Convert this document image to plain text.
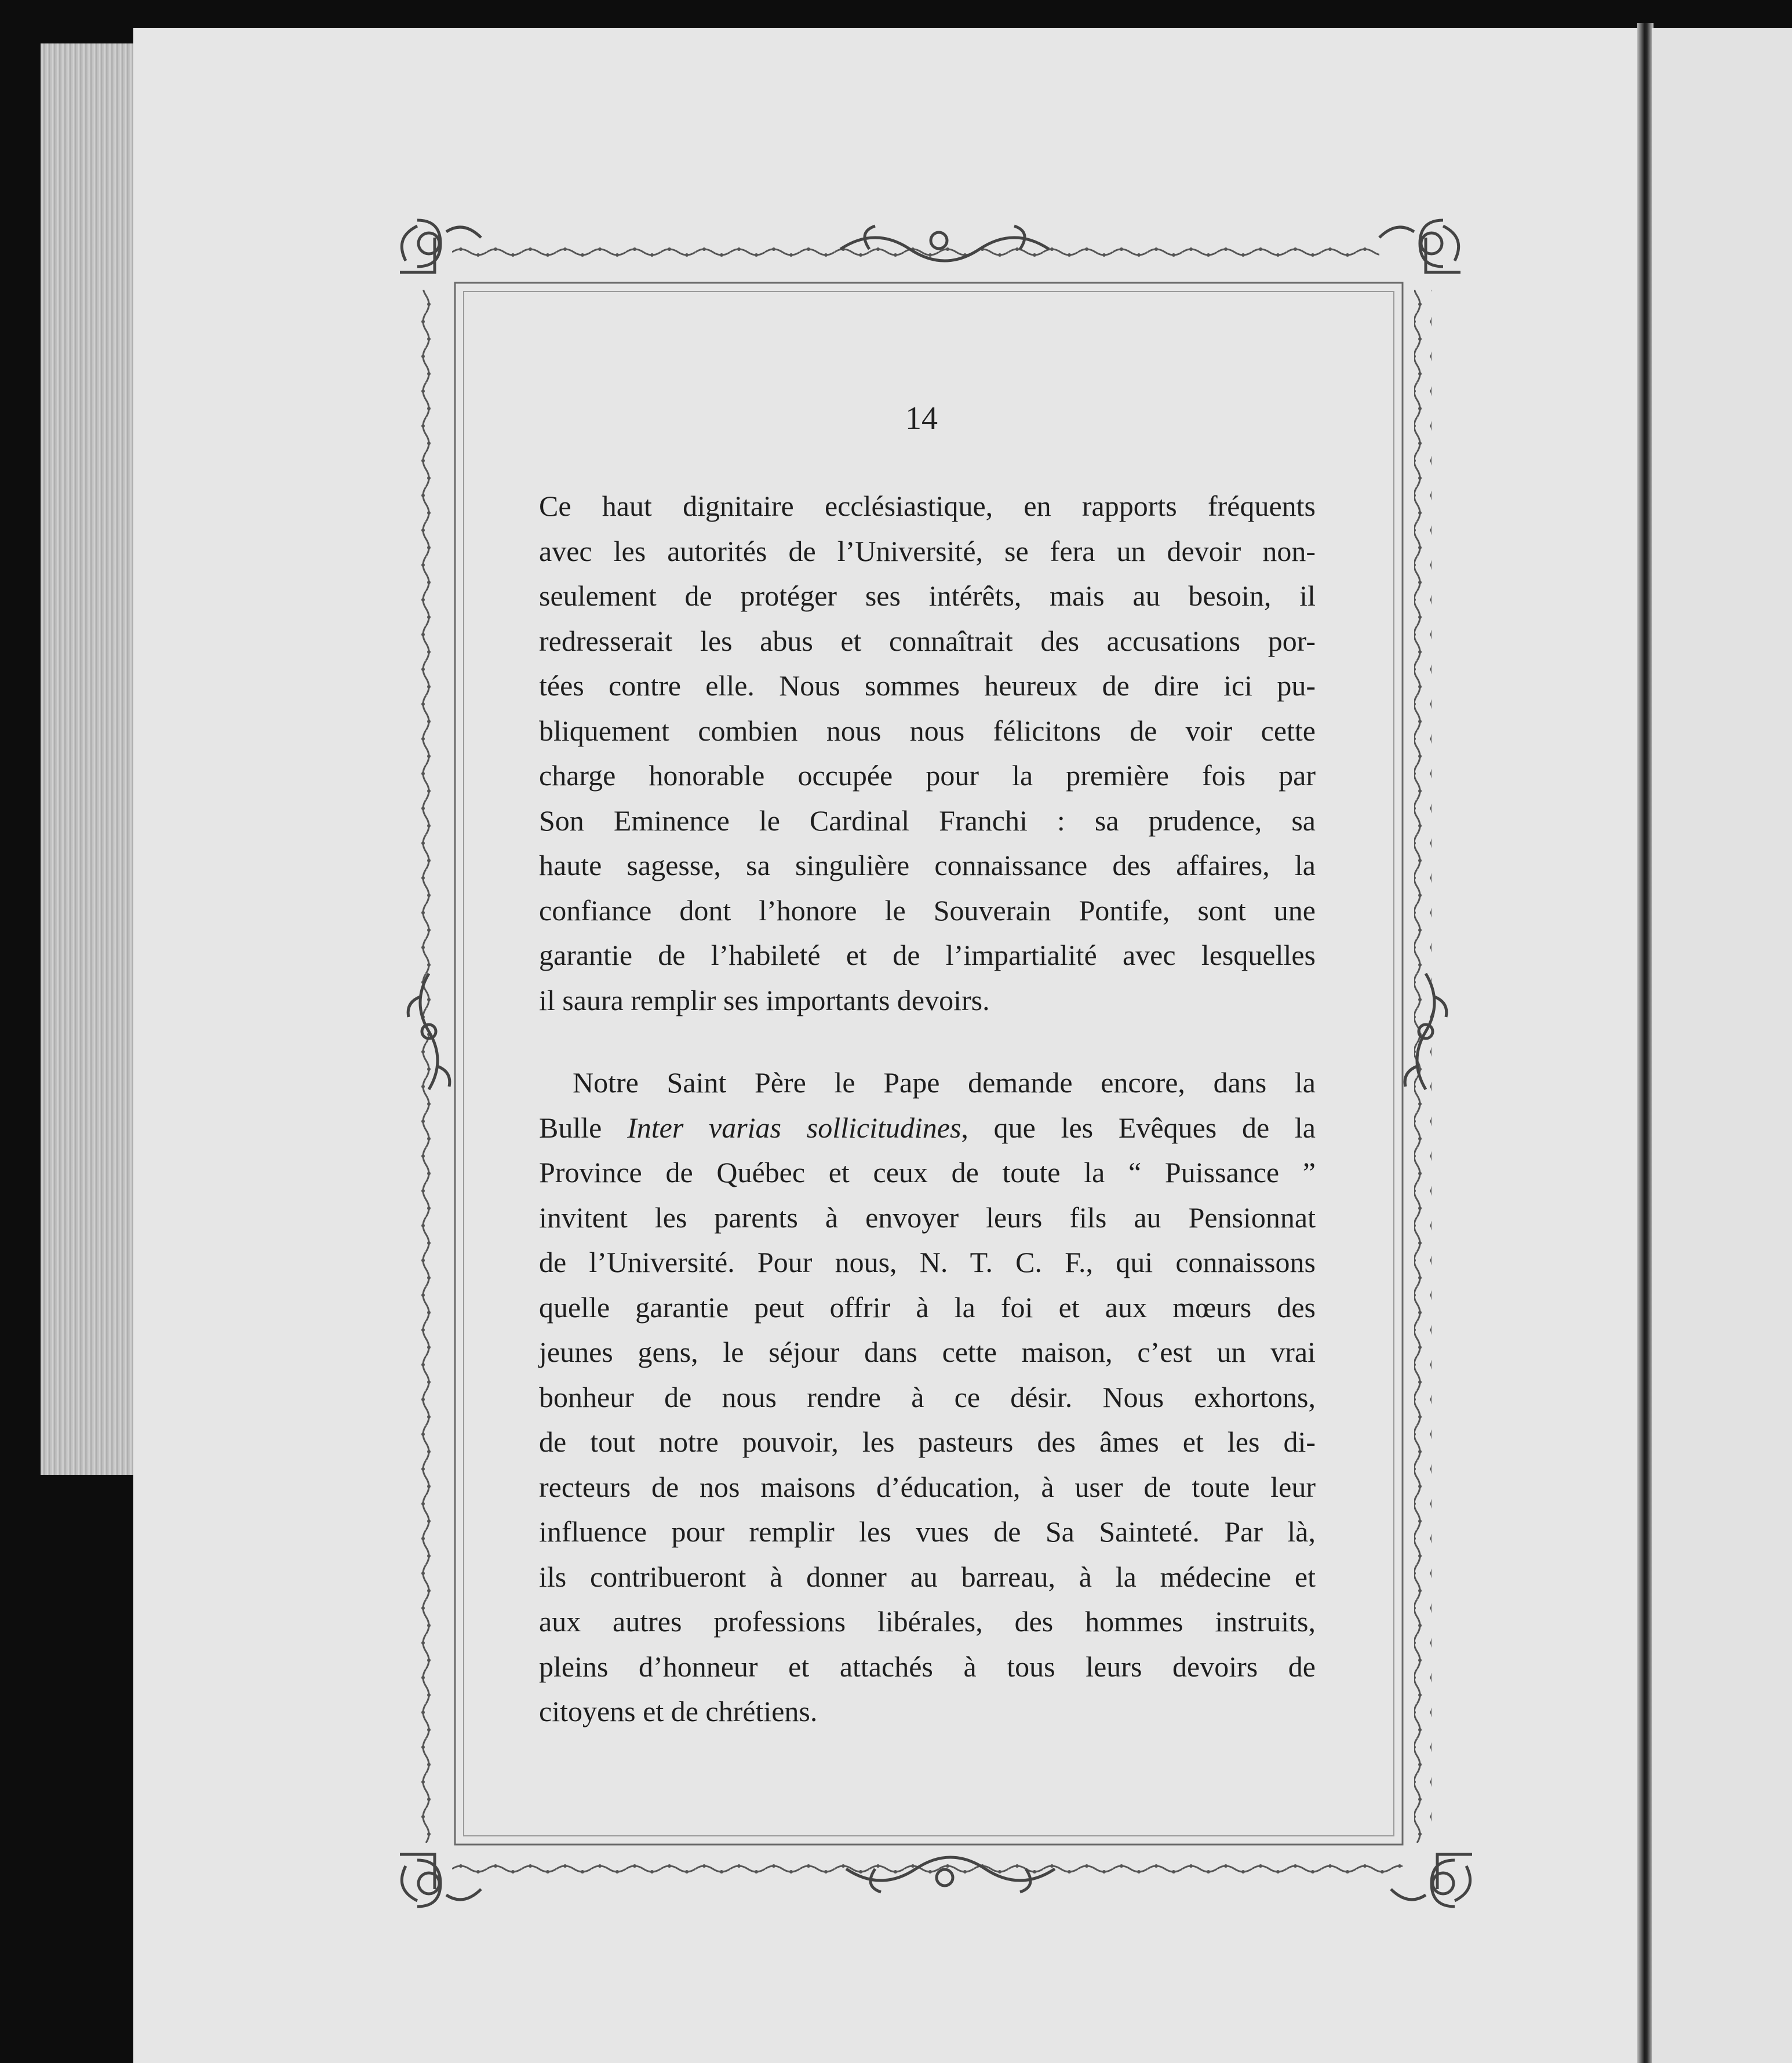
14

Ce haut dignitaire ecclésiastique, en rapports fréquents
avec les autorités de l’Université, se fera un devoir non-
seulement de protéger ses intérêts, mais au besoin, il
redresserait les abus et connaîtrait des accusations por-
tées contre elle. Nous sommes heureux de dire ici pu-
bliquement combien nous nous félicitons de voir cette
charge honorable occupée pour la première fois par
Son Eminence le Cardinal Franchi : sa prudence, sa
haute sagesse, sa singulière connaissance des affaires, la
confiance dont l’honore le Souverain Pontife, sont une
garantie de l’habileté et de l’impartialité avec lesquelles
il saura remplir ses importants devoirs.
Notre Saint Père le Pape demande encore, dans la
Bulle Inter varias sollicitudines, que les Evêques de la
Province de Québec et ceux de toute la “ Puissance ”
invitent les parents à envoyer leurs fils au Pensionnat
de l’Université. Pour nous, N. T. C. F., qui connaissons
quelle garantie peut offrir à la foi et aux mœurs des
jeunes gens, le séjour dans cette maison, c’est un vrai
bonheur de nous rendre à ce désir. Nous exhortons,
de tout notre pouvoir, les pasteurs des âmes et les di-
recteurs de nos maisons d’éducation, à user de toute leur
influence pour remplir les vues de Sa Sainteté. Par là,
ils contribueront à donner au barreau, à la médecine et
aux autres professions libérales, des hommes instruits,
pleins d’honneur et attachés à tous leurs devoirs de
citoyens et de chrétiens.
